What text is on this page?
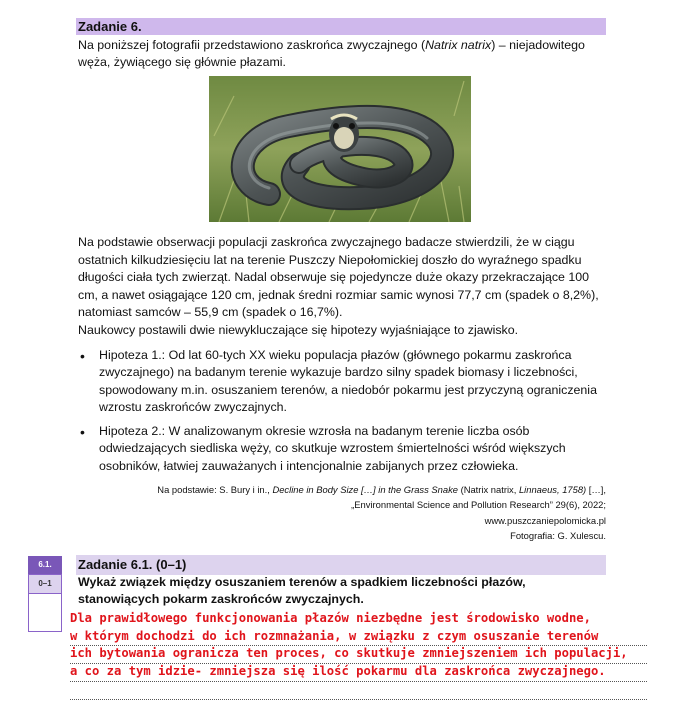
Zadanie 6.
Na poniższej fotografii przedstawiono zaskrońca zwyczajnego (Natrix natrix) – niejadowitego węża, żywiącego się głównie płazami.
Na podstawie obserwacji populacji zaskrońca zwyczajnego badacze stwierdzili, że w ciągu ostatnich kilkudziesięciu lat na terenie Puszczy Niepołomickiej doszło do wyraźnego spadku długości ciała tych zwierząt. Nadal obserwuje się pojedyncze duże okazy przekraczające 100 cm, a nawet osiągające 120 cm, jednak średni rozmiar samic wynosi 77,7 cm (spadek o 8,2%), natomiast samców – 55,9 cm (spadek o 16,7%).
Naukowcy postawili dwie niewykluczające się hipotezy wyjaśniające to zjawisko.
• Hipoteza 1.: Od lat 60-tych XX wieku populacja płazów (głównego pokarmu zaskrońca zwyczajnego) na badanym terenie wykazuje bardzo silny spadek biomasy i liczebności, spowodowany m.in. osuszaniem terenów, a niedobór pokarmu jest przyczyną ograniczenia wzrostu zaskrońców zwyczajnych.
• Hipoteza 2.: W analizowanym okresie wzrosła na badanym terenie liczba osób odwiedzających siedliska węży, co skutkuje wzrostem śmiertelności wśród większych osobników, łatwiej zauważanych i intencjonalnie zabijanych przez człowieka.
Na podstawie: S. Bury i in., Decline in Body Size […] in the Grass Snake (Natrix natrix, Linnaeus, 1758) […],
„Environmental Science and Pollution Research” 29(6), 2022;
www.puszczaniepolomicka.pl
Fotografia: G. Xulescu.
6.1.
0–1
Zadanie 6.1. (0–1)
Wykaż związek między osuszaniem terenów a spadkiem liczebności płazów, stanowiących pokarm zaskrońców zwyczajnych.
Dla prawidłowego funkcjonowania płazów niezbędne jest środowisko wodne,
w którym dochodzi do ich rozmnażania, w związku z czym osuszanie terenów
ich bytowania ogranicza ten proces, co skutkuje zmniejszeniem ich populacji,
a co za tym idzie- zmniejsza się ilość pokarmu dla zaskrońca zwyczajnego.
